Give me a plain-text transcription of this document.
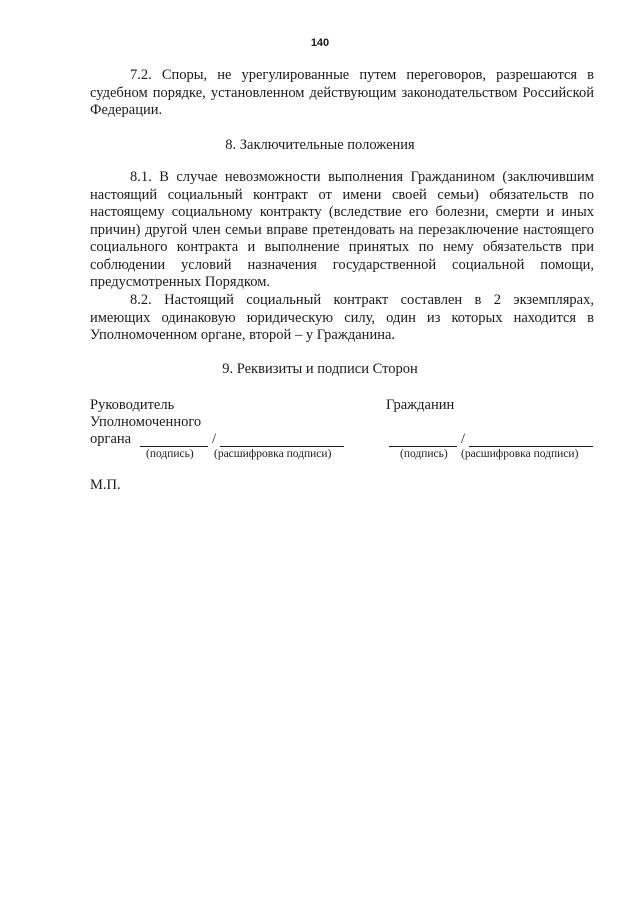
140

7.2. Споры, не урегулированные путем переговоров, разрешаются в судебном порядке, установленном действующим законодательством Российской Федерации.

8. Заключительные положения

8.1. В случае невозможности выполнения Гражданином (заключившим настоящий социальный контракт от имени своей семьи) обязательств по настоящему социальному контракту (вследствие его болезни, смерти и иных причин) другой член семьи вправе претендовать на перезаключение настоящего социального контракта и выполнение принятых по нему обязательств при соблюдении условий назначения государственной социальной помощи, предусмотренных Порядком.

8.2. Настоящий социальный контракт составлен в 2 экземплярах, имеющих одинаковую юридическую силу, один из которых находится в Уполномоченном органе, второй – у Гражданина.

9. Реквизиты и подписи Сторон

Руководитель
Уполномоченного
органа	/
(подпись) (расшифровка подписи)
Гражданин
/
(подпись) (расшифровка подписи)
М.П.
